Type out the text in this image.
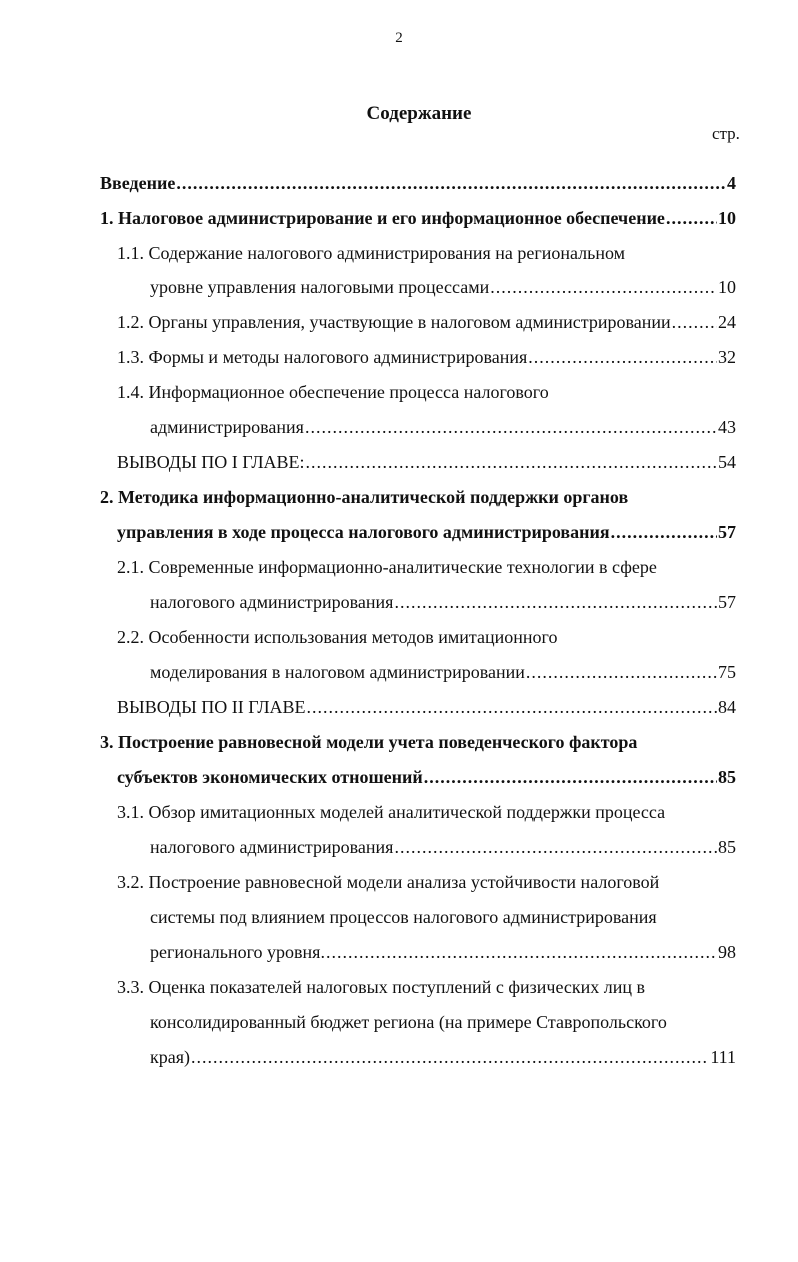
2
Содержание
стр.
Введение .....	4
1. Налоговое администрирование и его информационное обеспечение .....	10
1.1. Содержание налогового администрирования на региональном
уровне управления налоговыми процессами .....	10
1.2. Органы управления, участвующие в налоговом администрировании .....	24
1.3. Формы и методы налогового администрирования .....	32
1.4. Информационное обеспечение процесса налогового
администрирования .....	43
ВЫВОДЫ ПО I ГЛАВЕ: .....	54
2. Методика информационно-аналитической поддержки органов
управления в ходе процесса налогового администрирования .....	57
2.1. Современные информационно-аналитические технологии в сфере
налогового администрирования .....	57
2.2. Особенности использования методов имитационного
моделирования в налоговом администрировании .....	75
ВЫВОДЫ ПО II ГЛАВЕ .....	84
3. Построение равновесной модели учета поведенческого фактора
субъектов экономических отношений .....	85
3.1. Обзор имитационных моделей аналитической поддержки процесса
налогового администрирования .....	85
3.2. Построение равновесной модели анализа устойчивости налоговой
системы под влиянием процессов налогового администрирования
регионального уровня. .....	98
3.3. Оценка показателей налоговых поступлений с физических лиц в
консолидированный бюджет региона (на примере Ставропольского
края) .....	111
